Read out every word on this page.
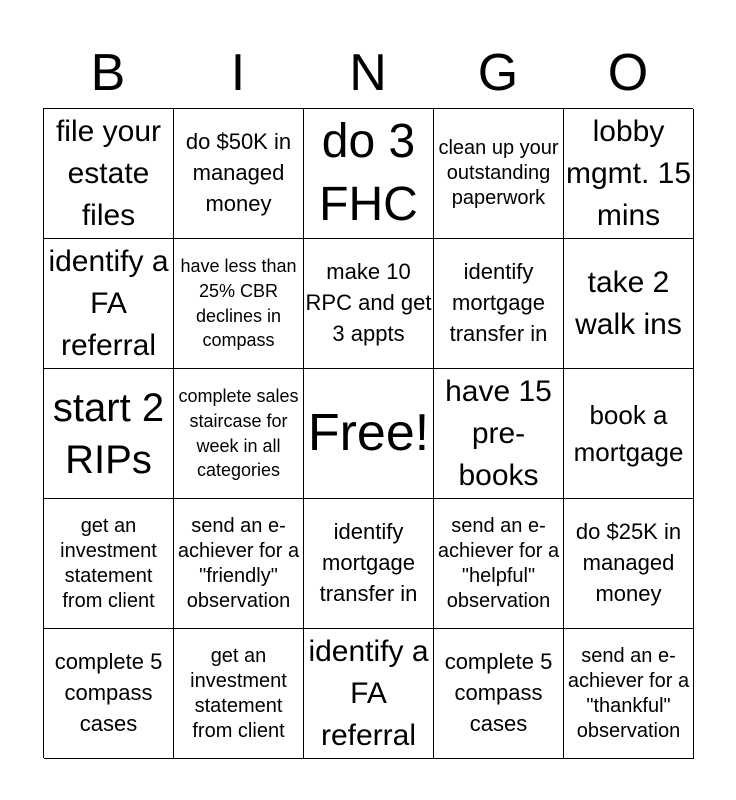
B	I	N	G	O
file your estate files
do $50K in managed money
do 3 FHC
clean up your outstanding paperwork
lobby mgmt. 15 mins
identify a FA referral
have less than 25% CBR declines in compass
make 10 RPC and get 3 appts
identify mortgage transfer in
take 2 walk ins
start 2 RIPs
complete sales staircase for week in all categories
Free!
have 15 pre-books
book a mortgage
get an investment statement from client
send an e-achiever for a "friendly" observation
identify mortgage transfer in
send an e-achiever for a "helpful" observation
do $25K in managed money
complete 5 compass cases
get an investment statement from client
identify a FA referral
complete 5 compass cases
send an e-achiever for a "thankful" observation
